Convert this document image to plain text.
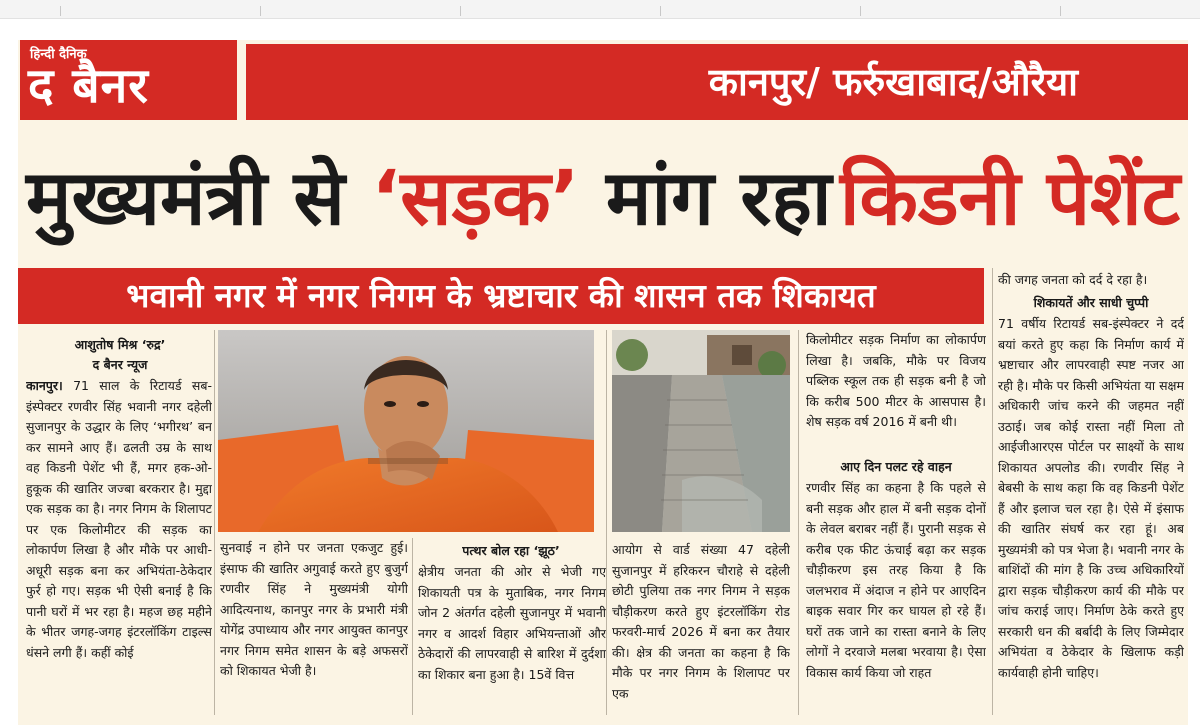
हिन्दी दैनिक
द बैनर	कानपुर/ फर्रुखाबाद/औरैया
मुख्यमंत्री से ‘सड़क’ मांग रहा किडनी पेशेंट
भवानी नगर में नगर निगम के भ्रष्टाचार की शासन तक शिकायत
आशुतोष मिश्र ‘रुद्र’
द बैनर न्यूज

कानपुर। 71 साल के रिटायर्ड सब-इंस्पेक्टर रणवीर सिंह भवानी नगर दहेली सुजानपुर के उद्धार के लिए ‘भगीरथ’ बन कर सामने आए हैं। ढलती उम्र के साथ वह किडनी पेशेंट भी हैं, मगर हक-ओ-हुकूक की खातिर जज्बा बरकरार है। मुद्दा एक सड़क का है। नगर निगम के शिलापट पर एक किलोमीटर की सड़क का लोकार्पण लिखा है और मौके पर आधी-अधूरी सड़क बना कर अभियंता-ठेकेदार फुर्र हो गए। सड़क भी ऐसी बनाई है कि पानी घरों में भर रहा है। महज छह महीने के भीतर जगह-जगह इंटरलॉकिंग टाइल्स धंसने लगी हैं। कहीं कोई

सुनवाई न होने पर जनता एकजुट हुई। इंसाफ की खातिर अगुवाई करते हुए बुजुर्ग रणवीर सिंह ने मुख्यमंत्री योगी आदित्यनाथ, कानपुर नगर के प्रभारी मंत्री योगेंद्र उपाध्याय और नगर आयुक्त कानपुर नगर निगम समेत शासन के बड़े अफसरों को शिकायत भेजी है।

पत्थर बोल रहा ‘झूठ’

क्षेत्रीय जनता की ओर से भेजी गए शिकायती पत्र के मुताबिक, नगर निगम जोन 2 अंतर्गत दहेली सुजानपुर में भवानी नगर व आदर्श विहार अभियन्ताओं और ठेकेदारों की लापरवाही से बारिश में दुर्दशा का शिकार बना हुआ है। 15वें वित्त

आयोग से वार्ड संख्या 47 दहेली सुजानपुर में हरिकरन चौराहे से दहेली छोटी पुलिया तक नगर निगम ने सड़क चौड़ीकरण करते हुए इंटरलॉकिंग रोड फरवरी-मार्च 2026 में बना कर तैयार की। क्षेत्र की जनता का कहना है कि मौके पर नगर निगम के शिलापट पर एक

किलोमीटर सड़क निर्माण का लोकार्पण लिखा है। जबकि, मौके पर विजय पब्लिक स्कूल तक ही सड़क बनी है जो कि करीब 500 मीटर के आसपास है। शेष सड़क वर्ष 2016 में बनी थी।

आए दिन पलट रहे वाहन

रणवीर सिंह का कहना है कि पहले से बनी सड़क और हाल में बनी सड़क दोनों के लेवल बराबर नहीं हैं। पुरानी सड़क से करीब एक फीट ऊंचाई बढ़ा कर सड़क चौड़ीकरण इस तरह किया है कि जलभराव में अंदाज न होने पर आएदिन बाइक सवार गिर कर घायल हो रहे हैं। घरों तक जाने का रास्ता बनाने के लिए लोगों ने दरवाजे मलबा भरवाया है। ऐसा विकास कार्य किया जो राहत

की जगह जनता को दर्द दे रहा है।

शिकायतें और साधी चुप्पी

71 वर्षीय रिटायर्ड सब-इंस्पेक्टर ने दर्द बयां करते हुए कहा कि निर्माण कार्य में भ्रष्टाचार और लापरवाही स्पष्ट नजर आ रही है। मौके पर किसी अभियंता या सक्षम अधिकारी जांच करने की जहमत नहीं उठाई। जब कोई रास्ता नहीं मिला तो आईजीआरएस पोर्टल पर साक्ष्यों के साथ शिकायत अपलोड की। रणवीर सिंह ने बेबसी के साथ कहा कि वह किडनी पेशेंट हैं और इलाज चल रहा है। ऐसे में इंसाफ की खातिर संघर्ष कर रहा हूं। अब मुख्यमंत्री को पत्र भेजा है। भवानी नगर के बाशिंदों की मांग है कि उच्च अधिकारियों द्वारा सड़क चौड़ीकरण कार्य की मौके पर जांच कराई जाए। निर्माण ठेके करते हुए सरकारी धन की बर्बादी के लिए जिम्मेदार अभियंता व ठेकेदार के खिलाफ कड़ी कार्यवाही होनी चाहिए।
